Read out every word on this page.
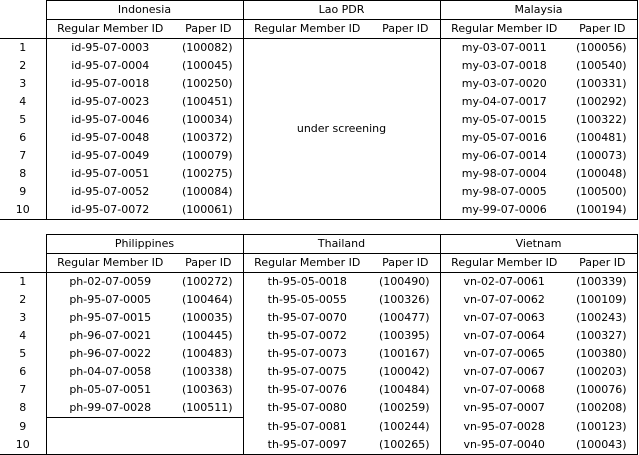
	Indonesia		Lao PDR		Malaysia	
	Regular Member ID	Paper ID	Regular Member ID	Paper ID	Regular Member ID	Paper ID
1	id-95-07-0003	(100082)	under screening		my-03-07-0011	(100056)
2	id-95-07-0004	(100045)			my-03-07-0018	(100540)
3	id-95-07-0018	(100250)			my-03-07-0020	(100331)
4	id-95-07-0023	(100451)			my-04-07-0017	(100292)
5	id-95-07-0046	(100034)			my-05-07-0015	(100322)
6	id-95-07-0048	(100372)			my-05-07-0016	(100481)
7	id-95-07-0049	(100079)			my-06-07-0014	(100073)
8	id-95-07-0051	(100275)			my-98-07-0004	(100048)
9	id-95-07-0052	(100084)			my-98-07-0005	(100500)
10	id-95-07-0072	(100061)			my-99-07-0006	(100194)
	Philippines		Thailand		Vietnam	
	Regular Member ID	Paper ID	Regular Member ID	Paper ID	Regular Member ID	Paper ID
1	ph-02-07-0059	(100272)	th-95-05-0018	(100490)	vn-02-07-0061	(100339)
2	ph-95-07-0005	(100464)	th-95-05-0055	(100326)	vn-07-07-0062	(100109)
3	ph-95-07-0015	(100035)	th-95-07-0070	(100477)	vn-07-07-0063	(100243)
4	ph-96-07-0021	(100445)	th-95-07-0072	(100395)	vn-07-07-0064	(100327)
5	ph-96-07-0022	(100483)	th-95-07-0073	(100167)	vn-07-07-0065	(100380)
6	ph-04-07-0058	(100338)	th-95-07-0075	(100042)	vn-07-07-0067	(100203)
7	ph-05-07-0051	(100363)	th-95-07-0076	(100484)	vn-07-07-0068	(100076)
8	ph-99-07-0028	(100511)	th-95-07-0080	(100259)	vn-95-07-0007	(100208)
9			th-95-07-0081	(100244)	vn-95-07-0028	(100123)
10			th-95-07-0097	(100265)	vn-95-07-0040	(100043)
